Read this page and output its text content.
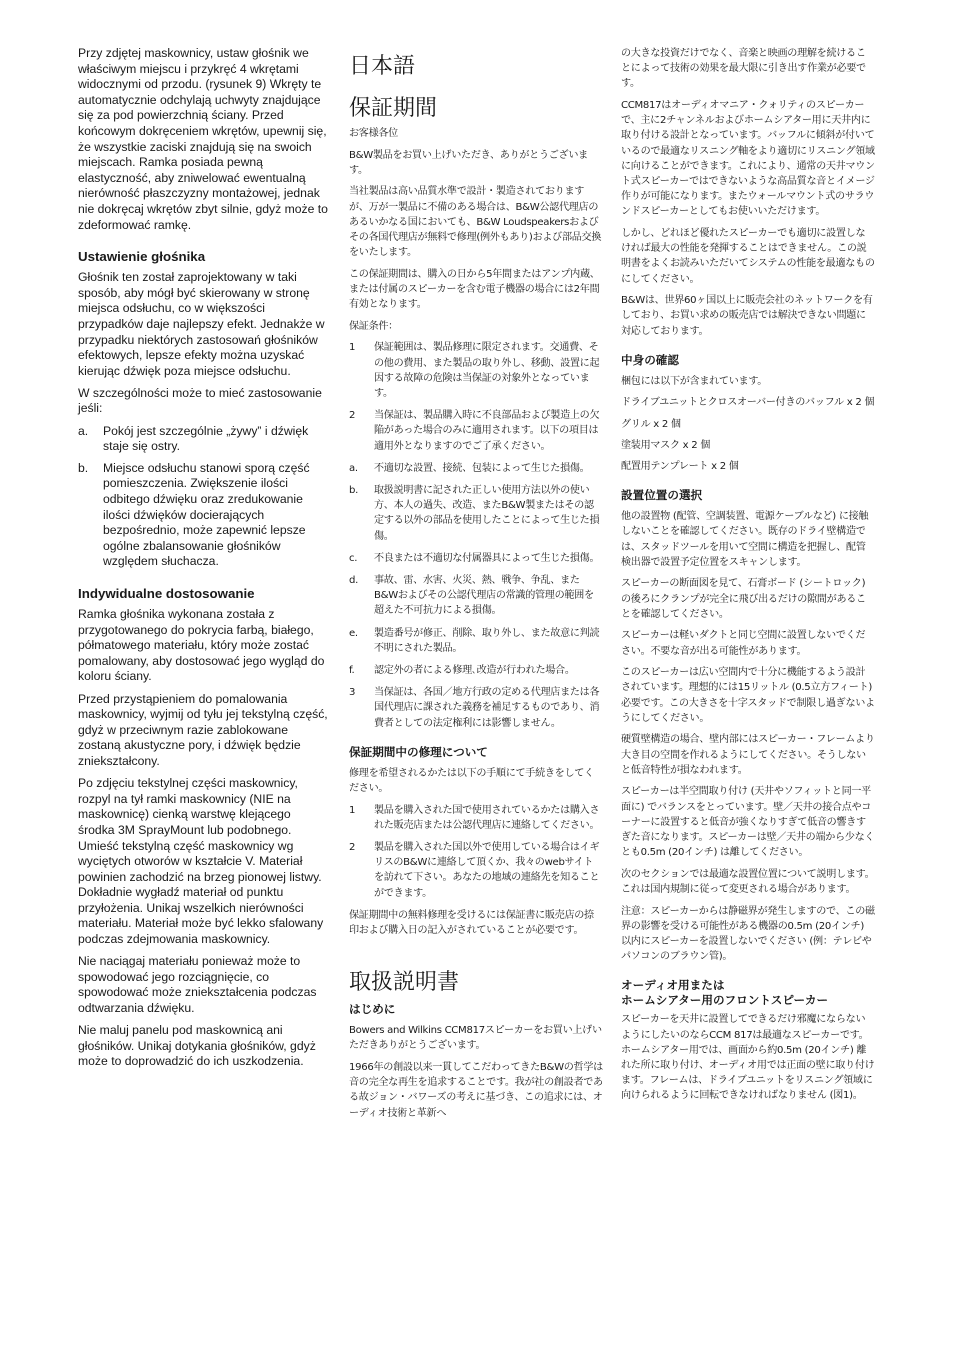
Przy zdjętej maskownicy, ustaw głośnik we właściwym miejscu i przykręć 4 wkrętami widocznymi od przodu. (rysunek 9) Wkręty te automatycznie odchylają uchwyty znajdujące się za pod powierzchnią ściany. Przed końcowym dokręceniem wkrętów, upewnij się, że wszystkie zaciski znajdują się na swoich miejscach. Ramka posiada pewną elastyczność, aby zniwelować ewentualną nierówność płaszczyzny montażowej, jednak nie dokręcaj wkrętów zbyt silnie, gdyż może to zdeformować ramkę.

Ustawienie głośnika

Głośnik ten został zaprojektowany w taki sposób, aby mógł być skierowany w stronę miejsca odsłuchu, co w większości przypadków daje najlepszy efekt. Jednakże w przypadku niektórych zastosowań głośników efektowych, lepsze efekty można uzyskać kierując dźwięk poza miejsce odsłuchu.

W szczególności może to mieć zastosowanie jeśli:

a.	Pokój jest szczególnie „żywy” i dźwięk staje się ostry.
b.	Miejsce odsłuchu stanowi sporą część pomieszczenia. Zwiększenie ilości odbitego dźwięku oraz zredukowanie ilości dźwięków docierających bezpośrednio, może zapewnić lepsze ogólne zbalansowanie głośników względem słuchacza.
Indywidualne dostosowanie

Ramka głośnika wykonana została z przygotowanego do pokrycia farbą, białego, półmatowego materiału, który może zostać pomalowany, aby dostosować jego wygląd do koloru ściany.

Przed przystąpieniem do pomalowania maskownicy, wyjmij od tyłu jej tekstylną część, gdyż w przeciwnym razie zablokowane zostaną akustyczne pory, i dźwięk będzie zniekształcony.

Po zdjęciu tekstylnej części maskownicy, rozpyl na tył ramki maskownicy (NIE na maskownicę) cienką warstwę klejącego środka 3M SprayMount lub podobnego. Umieść tekstylną część maskownicy wg wyciętych otworów w kształcie V. Materiał powinien zachodzić na brzeg pionowej listwy. Dokładnie wygładź materiał od punktu przyłożenia. Unikaj wszelkich nierówności materiału. Materiał może być lekko sfalowany podczas zdejmowania maskownicy.

Nie naciągaj materiału ponieważ może to spowodować jego rozciągnięcie, co spowodować może zniekształcenia podczas odtwarzania dźwięku.

Nie maluj panelu pod maskownicą ani głośników. Unikaj dotykania głośników, gdyż może to doprowadzić do ich uszkodzenia.

日本語
保証期間

お客様各位

B&W製品をお買い上げいただき、ありがとうございます。

当社製品は高い品質水準で設計・製造されておりますが、万が一製品に不備のある場合は、B&W公認代理店のあるいかなる国においても、B&W Loudspeakersおよびその各国代理店が無料で修理(例外もあり)および部品交換をいたします。

この保証期間は、購入の日から5年間またはアンプ内蔵、または付属のスピーカーを含む電子機器の場合には2年間有効となります。

保証条件：

1	保証範囲は、製品修理に限定されます。交通費、その他の費用、また製品の取り外し、移動、設置に起因する故障の危険は当保証の対象外となっています。
2	当保証は、製品購入時に不良部品および製造上の欠陥があった場合のみに適用されます。以下の項目は適用外となりますのでご了承ください。
a.	不適切な設置、接続、包装によって生じた損傷。
b.	取扱説明書に記された正しい使用方法以外の使い方、本人の過失、改造、またB&W製またはその認定する以外の部品を使用したことによって生じた損傷。
c.	不良または不適切な付属器具によって生じた損傷。
d.	事故、雷、水害、火災、熱、戦争、争乱、またB&Wおよびその公認代理店の常識的管理の範囲を超えた不可抗力による損傷。
e.	製造番号が修正、削除、取り外し、また故意に判読不明にされた製品。
f.	認定外の者による修理､改造が行われた場合。
3	当保証は、各国／地方行政の定める代理店または各国代理店に課された義務を補足するものであり、消費者としての法定権利には影響しません。
保証期間中の修理について

修理を希望されるかたは以下の手順にて手続きをしてください。

1	製品を購入された国で使用されているかたは購入された販売店または公認代理店に連絡してください。
2	製品を購入された国以外で使用している場合はイギリスのB&Wに連絡して頂くか、我々のwebサイトを訪れて下さい。あなたの地域の連絡先を知ることができます。

保証期間中の無料修理を受けるには保証書に販売店の捺印および購入日の記入がされていることが必要です。

取扱説明書
はじめに

Bowers and Wilkins CCM817スピーカーをお買い上げいただきありがとうございます。

1966年の創設以来一貫してこだわってきたB&Wの哲学は音の完全な再生を追求することです。我が社の創設者である故ジョン・バワーズの考えに基づき、この追求には、オーディオ技術と革新へ

の大きな投資だけでなく、音楽と映画の理解を続けることによって技術の効果を最大限に引き出す作業が必要です。

CCM817はオーディオマニア・クォリティのスピーカーで、主に2チャンネルおよびホームシアター用に天井内に取り付ける設計となっています。バッフルに傾斜が付いているので最適なリスニング軸をより適切にリスニング領域に向けることができます。これにより、通常の天井マウント式スピーカーではできないような高品質な音とイメージ作りが可能になります。またウォールマウント式のサラウンドスピーカーとしてもお使いいただけます。

しかし、どれほど優れたスピーカーでも適切に設置しなければ最大の性能を発揮することはできません。この説明書をよくお読みいただいてシステムの性能を最適なものにしてください。

B&Wは、世界60ヶ国以上に販売会社のネットワークを有しており、お買い求めの販売店では解決できない問題に対応しております。

中身の確認

梱包には以下が含まれています。

ドライブユニットとクロスオーバー付きのバッフル x 2 個

グリル x 2 個

塗装用マスク x 2 個

配置用テンプレート x 2 個

設置位置の選択

他の設置物 (配管、空調装置、電源ケーブルなど) に接触しないことを確認してください。既存のドライ壁構造では、スタッドツールを用いて空間に構造を把握し、配管検出器で設置予定位置をスキャンします。

スピーカーの断面図を見て、石膏ボード (シートロック) の後ろにクランプが完全に飛び出るだけの隙間があることを確認してください。

スピーカーは軽いダクトと同じ空間に設置しないでください。不要な音が出る可能性があります。

このスピーカーは広い空間内で十分に機能するよう設計されています。理想的には15リットル (0.5立方フィート) 必要です。この大きさを十字スタッドで制限し過ぎないようにしてください。

硬質壁構造の場合、壁内部にはスピーカー・フレームより大き目の空間を作れるようにしてください。そうしないと低音特性が損なわれます。

スピーカーは半空間取り付け (天井やソフィットと同一平面に) でバランスをとっています。壁／天井の接合点やコーナーに設置すると低音が強くなりすぎて低音の響きすぎた音になります。スピーカーは壁／天井の端から少なくとも0.5m (20インチ) は離してください。

次のセクションでは最適な設置位置について説明します。これは国内規制に従って変更される場合があります。

注意：スピーカーからは静磁界が発生しますので、この磁界の影響を受ける可能性がある機器の0.5m (20インチ) 以内にスピーカーを設置しないでください (例：テレビやパソコンのブラウン管)。

オーディオ用または
ホームシアター用のフロントスピーカー

スピーカーを天井に設置してできるだけ邪魔にならないようにしたいのならCCM 817は最適なスピーカーです。ホームシアター用では、画面から約0.5m (20インチ) 離れた所に取り付け、オーディオ用では正面の壁に取り付けます。フレームは、ドライブユニットをリスニング領域に向けられるように回転できなければなりません (図1)。
